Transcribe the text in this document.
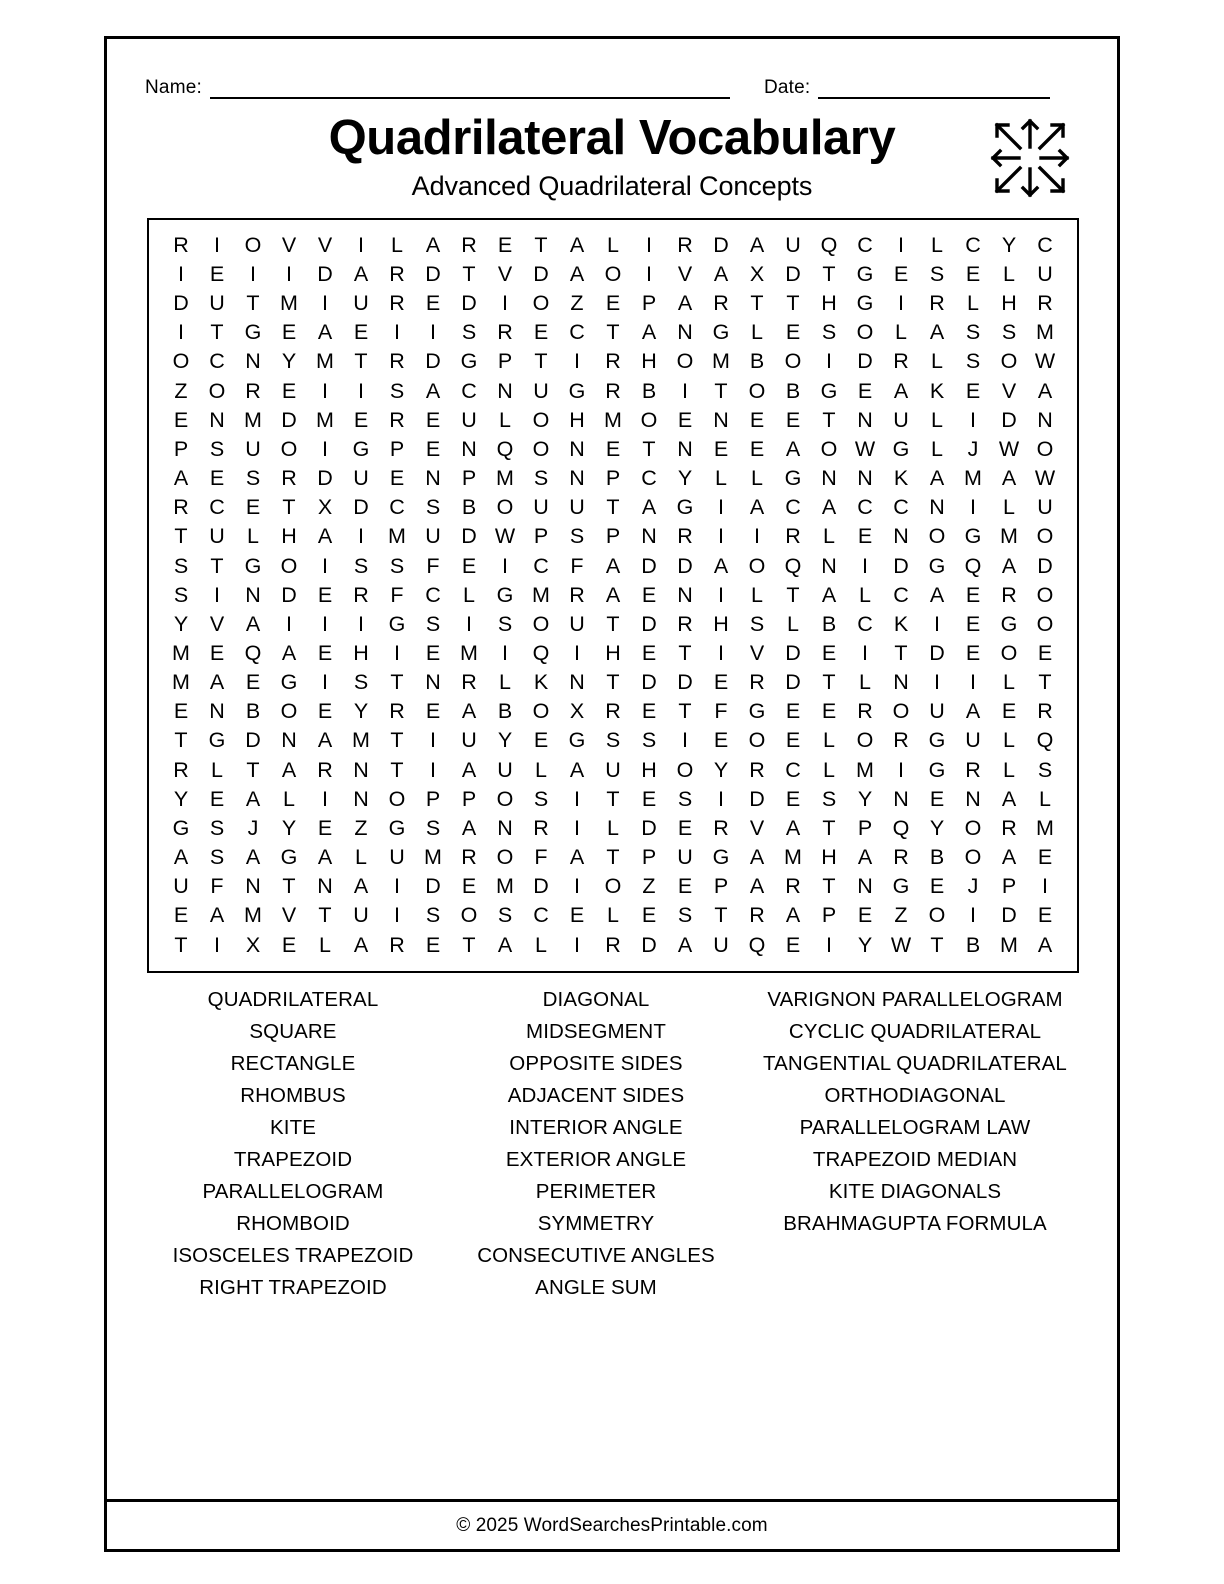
Name:	Date:
Quadrilateral Vocabulary
Advanced Quadrilateral Concepts
R	I	O	V	V	I	L	A	R	E	T	A	L	I	R	D	A	U	Q	C	I	L	C	Y	C
I	E	I	I	D	A	R	D	T	V	D	A	O	I	V	A	X	D	T	G	E	S	E	L	U
D	U	T	M	I	U	R	E	D	I	O	Z	E	P	A	R	T	T	H	G	I	R	L	H	R
I	T	G	E	A	E	I	I	S	R	E	C	T	A	N	G	L	E	S	O	L	A	S	S	M
O	C	N	Y	M	T	R	D	G	P	T	I	R	H	O	M	B	O	I	D	R	L	S	O	W
Z	O	R	E	I	I	S	A	C	N	U	G	R	B	I	T	O	B	G	E	A	K	E	V	A
E	N	M	D	M	E	R	E	U	L	O	H	M	O	E	N	E	E	T	N	U	L	I	D	N
P	S	U	O	I	G	P	E	N	Q	O	N	E	T	N	E	E	A	O	W	G	L	J	W	O
A	E	S	R	D	U	E	N	P	M	S	N	P	C	Y	L	L	G	N	N	K	A	M	A	W
R	C	E	T	X	D	C	S	B	O	U	U	T	A	G	I	A	C	A	C	C	N	I	L	U
T	U	L	H	A	I	M	U	D	W	P	S	P	N	R	I	I	R	L	E	N	O	G	M	O
S	T	G	O	I	S	S	F	E	I	C	F	A	D	D	A	O	Q	N	I	D	G	Q	A	D
S	I	N	D	E	R	F	C	L	G	M	R	A	E	N	I	L	T	A	L	C	A	E	R	O
Y	V	A	I	I	I	G	S	I	S	O	U	T	D	R	H	S	L	B	C	K	I	E	G	O
M	E	Q	A	E	H	I	E	M	I	Q	I	H	E	T	I	V	D	E	I	T	D	E	O	E
M	A	E	G	I	S	T	N	R	L	K	N	T	D	D	E	R	D	T	L	N	I	I	L	T
E	N	B	O	E	Y	R	E	A	B	O	X	R	E	T	F	G	E	E	R	O	U	A	E	R
T	G	D	N	A	M	T	I	U	Y	E	G	S	S	I	E	O	E	L	O	R	G	U	L	Q
R	L	T	A	R	N	T	I	A	U	L	A	U	H	O	Y	R	C	L	M	I	G	R	L	S
Y	E	A	L	I	N	O	P	P	O	S	I	T	E	S	I	D	E	S	Y	N	E	N	A	L
G	S	J	Y	E	Z	G	S	A	N	R	I	L	D	E	R	V	A	T	P	Q	Y	O	R	M
A	S	A	G	A	L	U	M	R	O	F	A	T	P	U	G	A	M	H	A	R	B	O	A	E
U	F	N	T	N	A	I	D	E	M	D	I	O	Z	E	P	A	R	T	N	G	E	J	P	I
E	A	M	V	T	U	I	S	O	S	C	E	L	E	S	T	R	A	P	E	Z	O	I	D	E
T	I	X	E	L	A	R	E	T	A	L	I	R	D	A	U	Q	E	I	Y	W	T	B	M	A
QUADRILATERAL
SQUARE
RECTANGLE
RHOMBUS
KITE
TRAPEZOID
PARALLELOGRAM
RHOMBOID
ISOSCELES TRAPEZOID
RIGHT TRAPEZOID
DIAGONAL
MIDSEGMENT
OPPOSITE SIDES
ADJACENT SIDES
INTERIOR ANGLE
EXTERIOR ANGLE
PERIMETER
SYMMETRY
CONSECUTIVE ANGLES
ANGLE SUM
VARIGNON PARALLELOGRAM
CYCLIC QUADRILATERAL
TANGENTIAL QUADRILATERAL
ORTHODIAGONAL
PARALLELOGRAM LAW
TRAPEZOID MEDIAN
KITE DIAGONALS
BRAHMAGUPTA FORMULA
© 2025 WordSearchesPrintable.com
